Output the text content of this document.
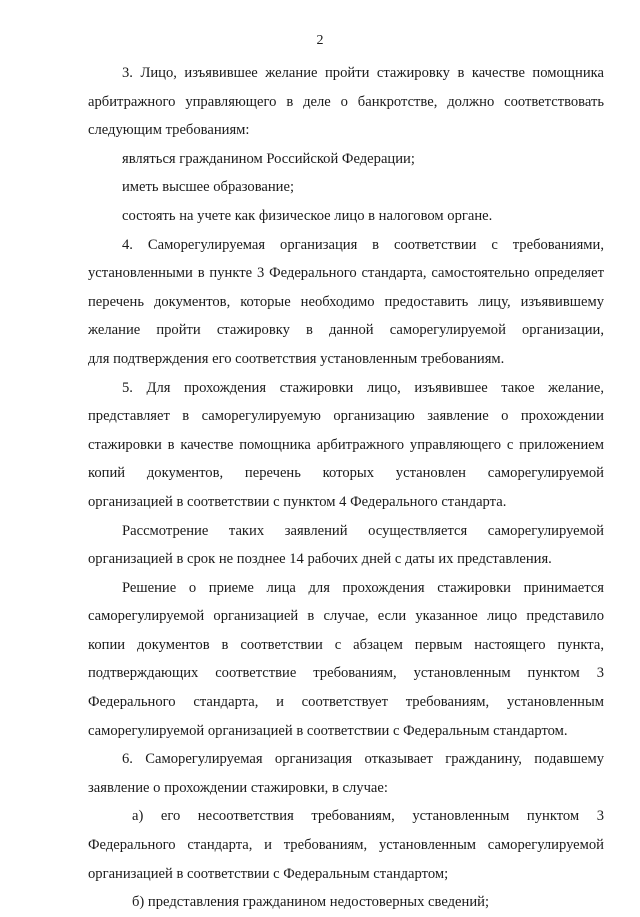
2
3. Лицо, изъявившее желание пройти стажировку в качестве помощника
арбитражного управляющего в деле о банкротстве, должно соответствовать
следующим требованиям:
являться гражданином Российской Федерации;
иметь высшее образование;
состоять на учете как физическое лицо в налоговом органе.
4. Саморегулируемая организация в соответствии с требованиями,
установленными в пункте 3 Федерального стандарта, самостоятельно определяет
перечень документов, которые необходимо предоставить лицу, изъявившему
желание пройти стажировку в данной саморегулируемой организации,
для подтверждения его соответствия установленным требованиям.
5. Для прохождения стажировки лицо, изъявившее такое желание,
представляет в саморегулируемую организацию заявление о прохождении
стажировки в качестве помощника арбитражного управляющего с приложением
копий документов, перечень которых установлен саморегулируемой
организацией в соответствии с пунктом 4 Федерального стандарта.
Рассмотрение таких заявлений осуществляется саморегулируемой
организацией в срок не позднее 14 рабочих дней с даты их представления.
Решение о приеме лица для прохождения стажировки принимается
саморегулируемой организацией в случае, если указанное лицо представило
копии документов в соответствии с абзацем первым настоящего пункта,
подтверждающих соответствие требованиям, установленным пунктом 3
Федерального стандарта, и соответствует требованиям, установленным
саморегулируемой организацией в соответствии с Федеральным стандартом.
6. Саморегулируемая организация отказывает гражданину, подавшему
заявление о прохождении стажировки, в случае:
а) его несоответствия требованиям, установленным пунктом 3
Федерального стандарта, и требованиям, установленным саморегулируемой
организацией в соответствии с Федеральным стандартом;
б) представления гражданином недостоверных сведений;
